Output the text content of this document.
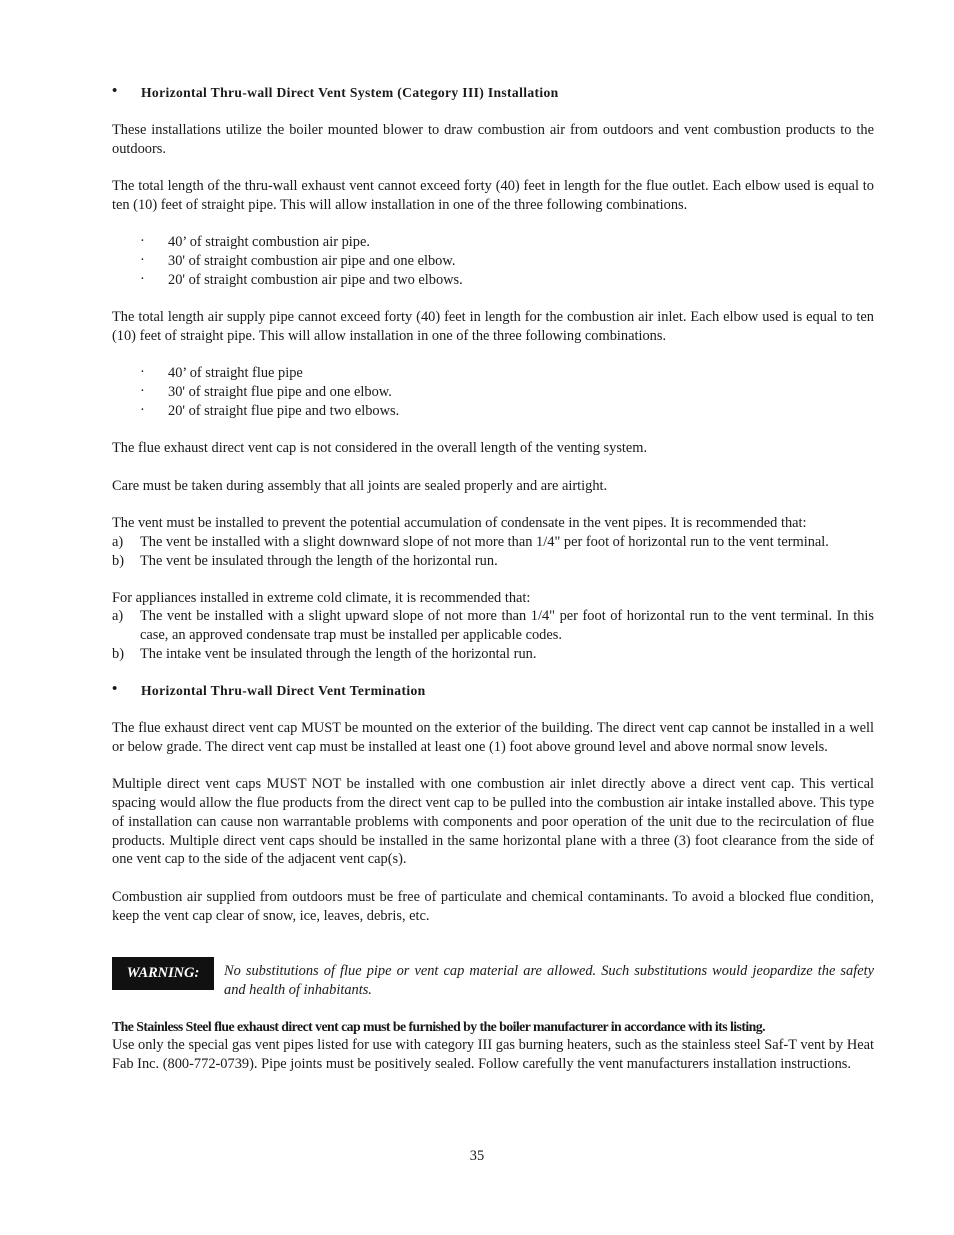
• Horizontal Thru-wall Direct Vent System (Category III) Installation

These installations utilize the boiler mounted blower to draw combustion air from outdoors and vent combustion products to the outdoors.

The total length of the thru-wall exhaust vent cannot exceed forty (40) feet in length for the flue outlet. Each elbow used is equal to ten (10) feet of straight pipe. This will allow installation in one of the three following combinations.

· 40’ of straight combustion air pipe.
· 30' of straight combustion air pipe and one elbow.
· 20' of straight combustion air pipe and two elbows.

The total length air supply pipe cannot exceed forty (40) feet in length for the combustion air inlet. Each elbow used is equal to ten (10) feet of straight pipe. This will allow installation in one of the three following combinations.

· 40’ of straight flue pipe
· 30' of straight flue pipe and one elbow.
· 20' of straight flue pipe and two elbows.

The flue exhaust direct vent cap is not considered in the overall length of the venting system.

Care must be taken during assembly that all joints are sealed properly and are airtight.

The vent must be installed to prevent the potential accumulation of condensate in the vent pipes. It is recommended that:

a) The vent be installed with a slight downward slope of not more than 1/4" per foot of horizontal run to the vent terminal.
b) The vent be insulated through the length of the horizontal run.

For appliances installed in extreme cold climate, it is recommended that:

a) The vent be installed with a slight upward slope of not more than 1/4" per foot of horizontal run to the vent terminal. In this case, an approved condensate trap must be installed per applicable codes.
b) The intake vent be insulated through the length of the horizontal run.
• Horizontal Thru-wall Direct Vent Termination

The flue exhaust direct vent cap MUST be mounted on the exterior of the building. The direct vent cap cannot be installed in a well or below grade. The direct vent cap must be installed at least one (1) foot above ground level and above normal snow levels.

Multiple direct vent caps MUST NOT be installed with one combustion air inlet directly above a direct vent cap. This vertical spacing would allow the flue products from the direct vent cap to be pulled into the combustion air intake installed above. This type of installation can cause non warrantable problems with components and poor operation of the unit due to the recirculation of flue products. Multiple direct vent caps should be installed in the same horizontal plane with a three (3) foot clearance from the side of one vent cap to the side of the adjacent vent cap(s).

Combustion air supplied from outdoors must be free of particulate and chemical contaminants. To avoid a blocked flue condition, keep the vent cap clear of snow, ice, leaves, debris, etc.

WARNING:	No substitutions of flue pipe or vent cap material are allowed. Such substitutions would jeopardize the safety and health of inhabitants.

The Stainless Steel flue exhaust direct vent cap must be furnished by the boiler manufacturer in accordance with its listing.

Use only the special gas vent pipes listed for use with category III gas burning heaters, such as the stainless steel Saf-T vent by Heat Fab Inc. (800-772-0739). Pipe joints must be positively sealed. Follow carefully the vent manufacturers installation instructions.

35
